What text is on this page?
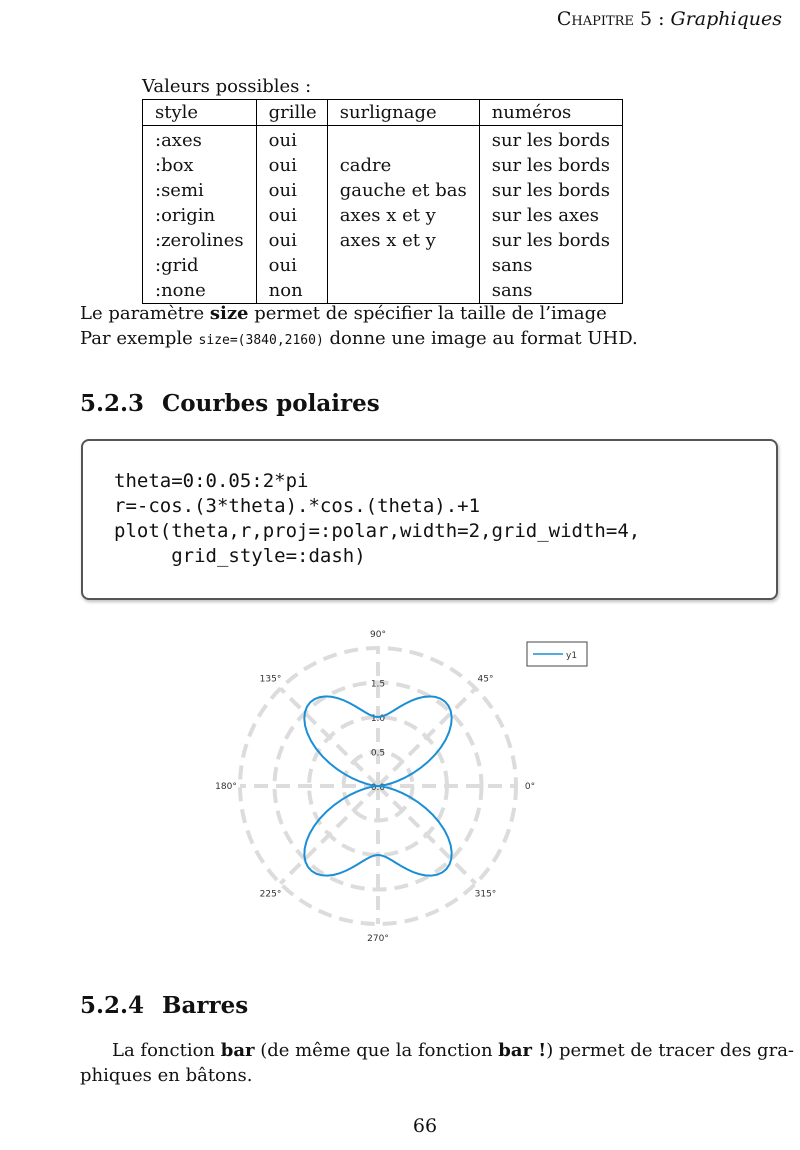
Chapitre 5 : Graphiques
Valeurs possibles :
style	grille	surlignage	numéros
:axes	oui		sur les bords
:box	oui	cadre	sur les bords
:semi	oui	gauche et bas	sur les bords
:origin	oui	axes x et y	sur les axes
:zerolines	oui	axes x et y	sur les bords
:grid	oui		sans
:none	non		sans
Le paramètre size permet de spécifier la taille de l’image
Par exemple size=(3840,2160) donne une image au format UHD.
5.2.3 Courbes polaires
theta=0:0.05:2*pi
r=-cos.(3*theta).*cos.(theta).+1
plot(theta,r,proj=:polar,width=2,grid_width=4,
grid_style=:dash)
0.0
0.5
1.0
1.5
0°
45°
90°
135°
180°
225°
270°
315°
y1
5.2.4 Barres
La fonction bar (de même que la fonction bar !) permet de tracer des gra-
phiques en bâtons.
66
